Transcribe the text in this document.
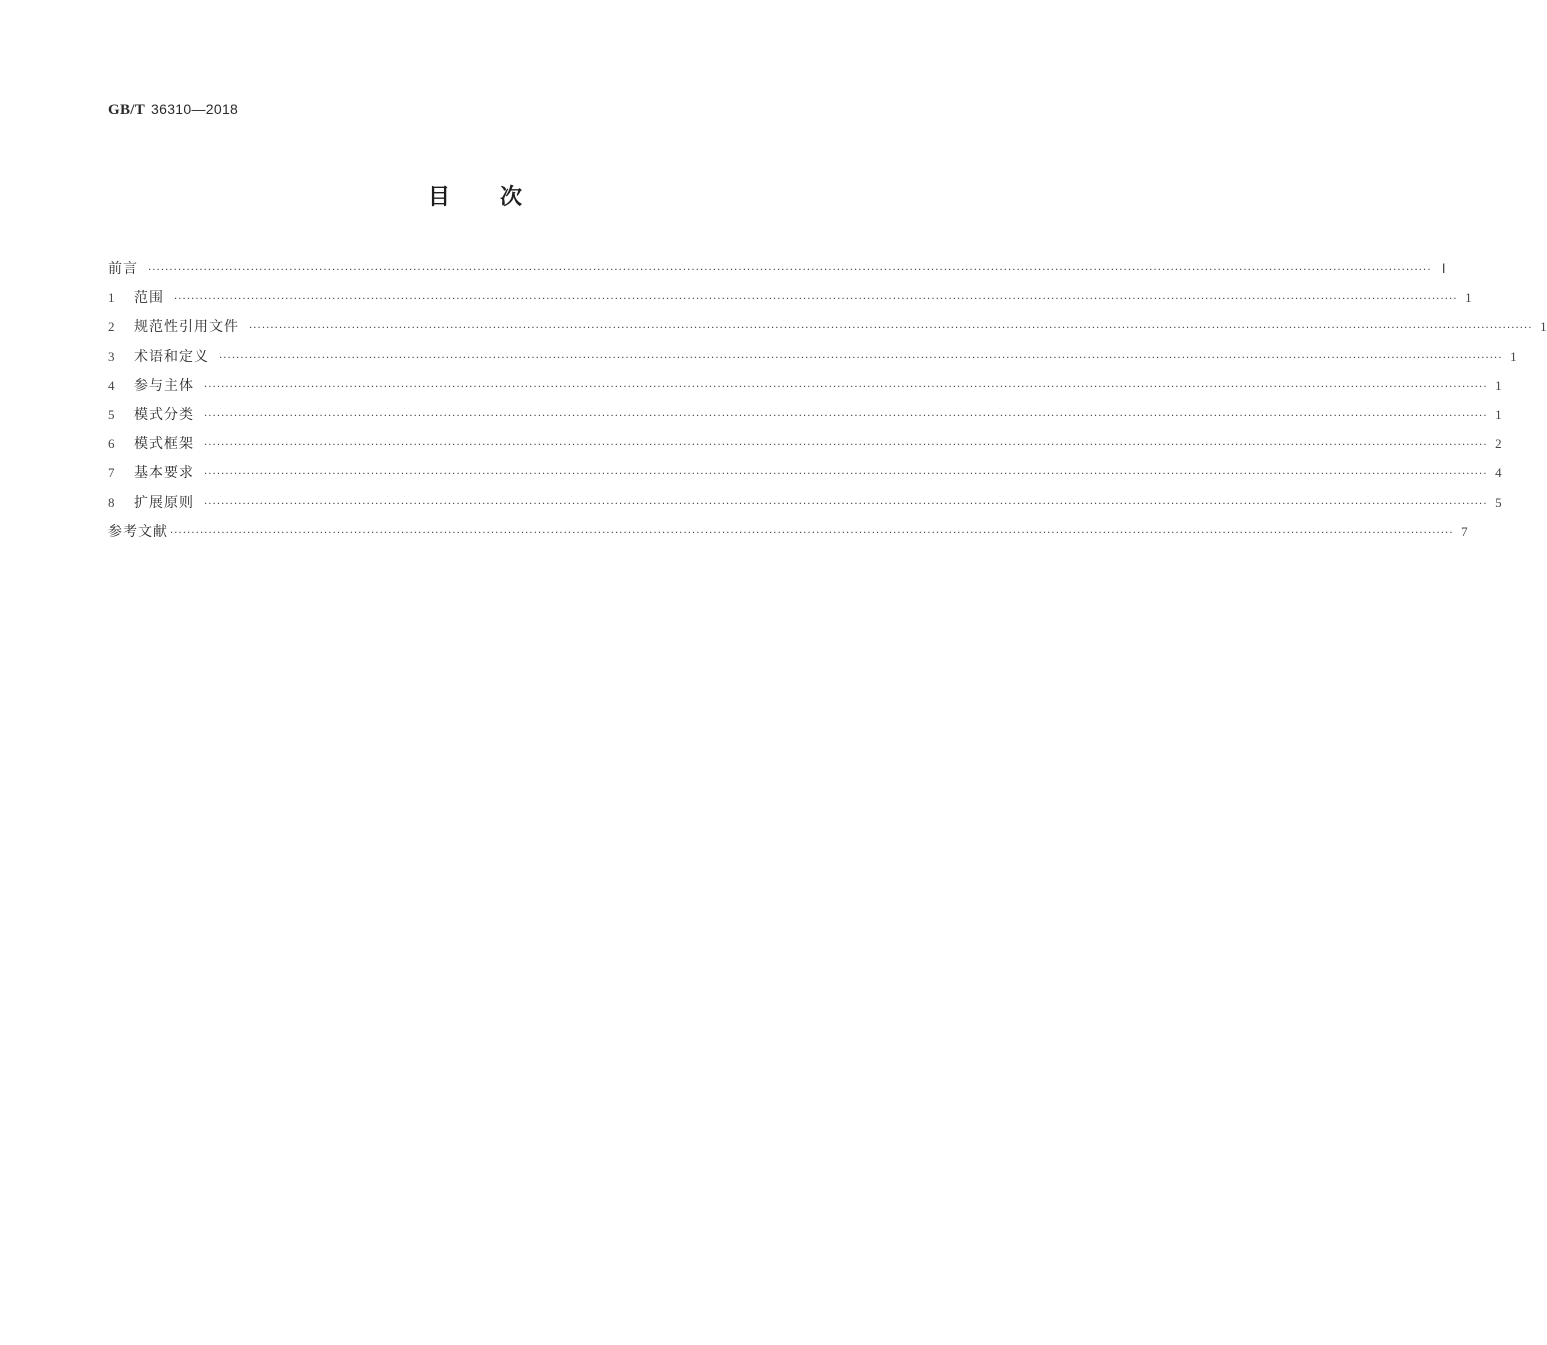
GB/T 36310—2018
目次
前言 ············································································································································································································································································································ Ⅰ
1	范围 ············································································································································································································································································································ 1
2	规范性引用文件 ············································································································································································································································································································ 1
3	术语和定义 ············································································································································································································································································································ 1
4	参与主体 ············································································································································································································································································································ 1
5	模式分类 ············································································································································································································································································································ 1
6	模式框架 ············································································································································································································································································································ 2
7	基本要求 ············································································································································································································································································································ 4
8	扩展原则 ············································································································································································································································································································ 5
参考文献 ············································································································································································································································································································ 7
